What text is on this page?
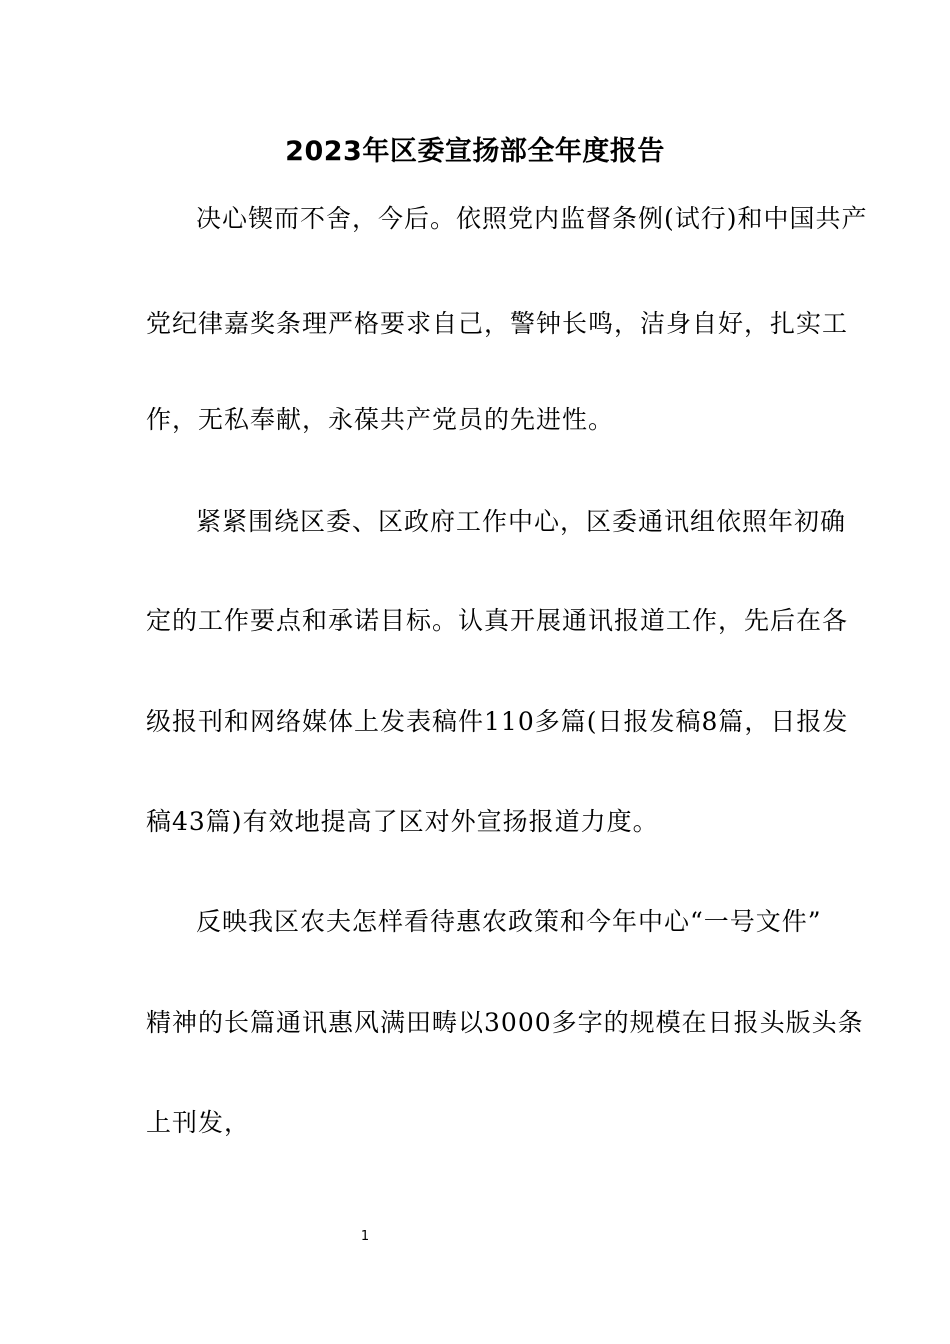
2023年区委宣扬部全年度报告
决心锲而不舍，今后。依照党内监督条例(试行)和中国共产
党纪律嘉奖条理严格要求自己，警钟长鸣，洁身自好，扎实工
作，无私奉献，永葆共产党员的先进性。
紧紧围绕区委、区政府工作中心，区委通讯组依照年初确
定的工作要点和承诺目标。认真开展通讯报道工作，先后在各
级报刊和网络媒体上发表稿件110多篇(日报发稿8篇，日报发
稿43篇)有效地提高了区对外宣扬报道力度。
反映我区农夫怎样看待惠农政策和今年中心“一号文件”
精神的长篇通讯惠风满田畴以3000多字的规模在日报头版头条
上刊发，
1
